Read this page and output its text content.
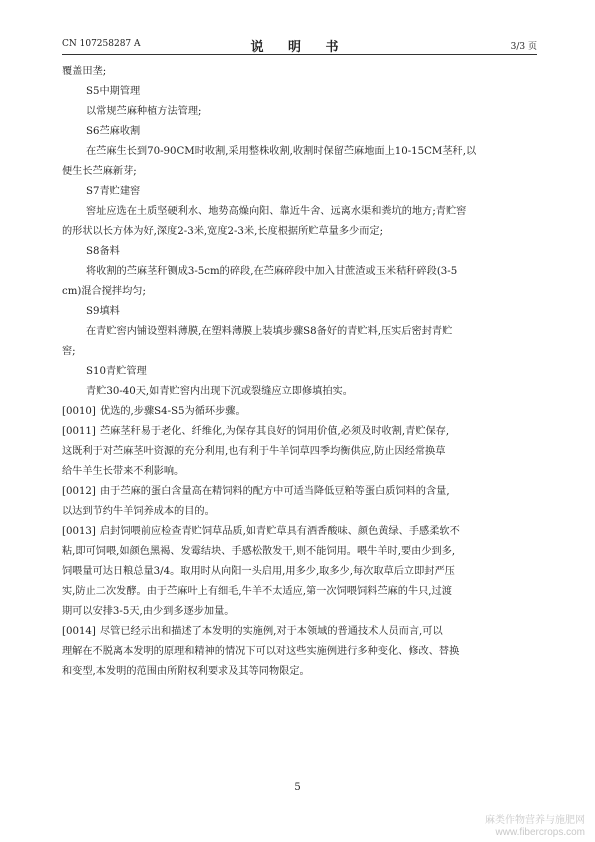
CN 107258287 A	说 明 书	3/3 页
覆盖田垄;
S5中期管理
以常规苎麻种植方法管理;
S6苎麻收割
在苎麻生长到70-90CM时收割,采用整株收割,收割时保留苎麻地面上10-15CM茎秆,以
便生长苎麻新芽;
S7青贮建窖
窖址应选在土质坚硬利水、地势高燥向阳、靠近牛舍、远离水渠和粪坑的地方;青贮窖
的形状以长方体为好,深度2-3米,宽度2-3米,长度根据所贮草量多少而定;
S8备料
将收割的苎麻茎秆铡成3-5cm的碎段,在苎麻碎段中加入甘蔗渣或玉米秸秆碎段(3-5
cm)混合搅拌均匀;
S9填料
在青贮窖内铺设塑料薄膜,在塑料薄膜上装填步骤S8备好的青贮料,压实后密封青贮
窖;
S10青贮管理
青贮30-40天,如青贮窖内出现下沉或裂缝应立即修填拍实。
[0010] 优选的,步骤S4-S5为循环步骤。
[0011] 苎麻茎秆易于老化、纤维化,为保存其良好的饲用价值,必须及时收割,青贮保存,
这既利于对苎麻茎叶资源的充分利用,也有利于牛羊饲草四季均衡供应,防止因经常换草
给牛羊生长带来不利影响。
[0012] 由于苎麻的蛋白含量高在精饲料的配方中可适当降低豆粕等蛋白质饲料的含量,
以达到节约牛羊饲养成本的目的。
[0013] 启封饲喂前应检查青贮饲草品质,如青贮草具有酒香酸味、颜色黄绿、手感柔软不
粘,即可饲喂,如颜色黑褐、发霉结块、手感松散发干,则不能饲用。喂牛羊时,要由少到多,
饲喂量可达日粮总量3/4。取用时从向阳一头启用,用多少,取多少,每次取草后立即封严压
实,防止二次发酵。由于苎麻叶上有细毛,牛羊不太适应,第一次饲喂饲料苎麻的牛只,过渡
期可以安排3-5天,由少到多逐步加量。
[0014] 尽管已经示出和描述了本发明的实施例,对于本领域的普通技术人员而言,可以
理解在不脱离本发明的原理和精神的情况下可以对这些实施例进行多种变化、修改、替换
和变型,本发明的范围由所附权利要求及其等同物限定。
5
麻类作物营养与施肥网
www.fibercrops.com
